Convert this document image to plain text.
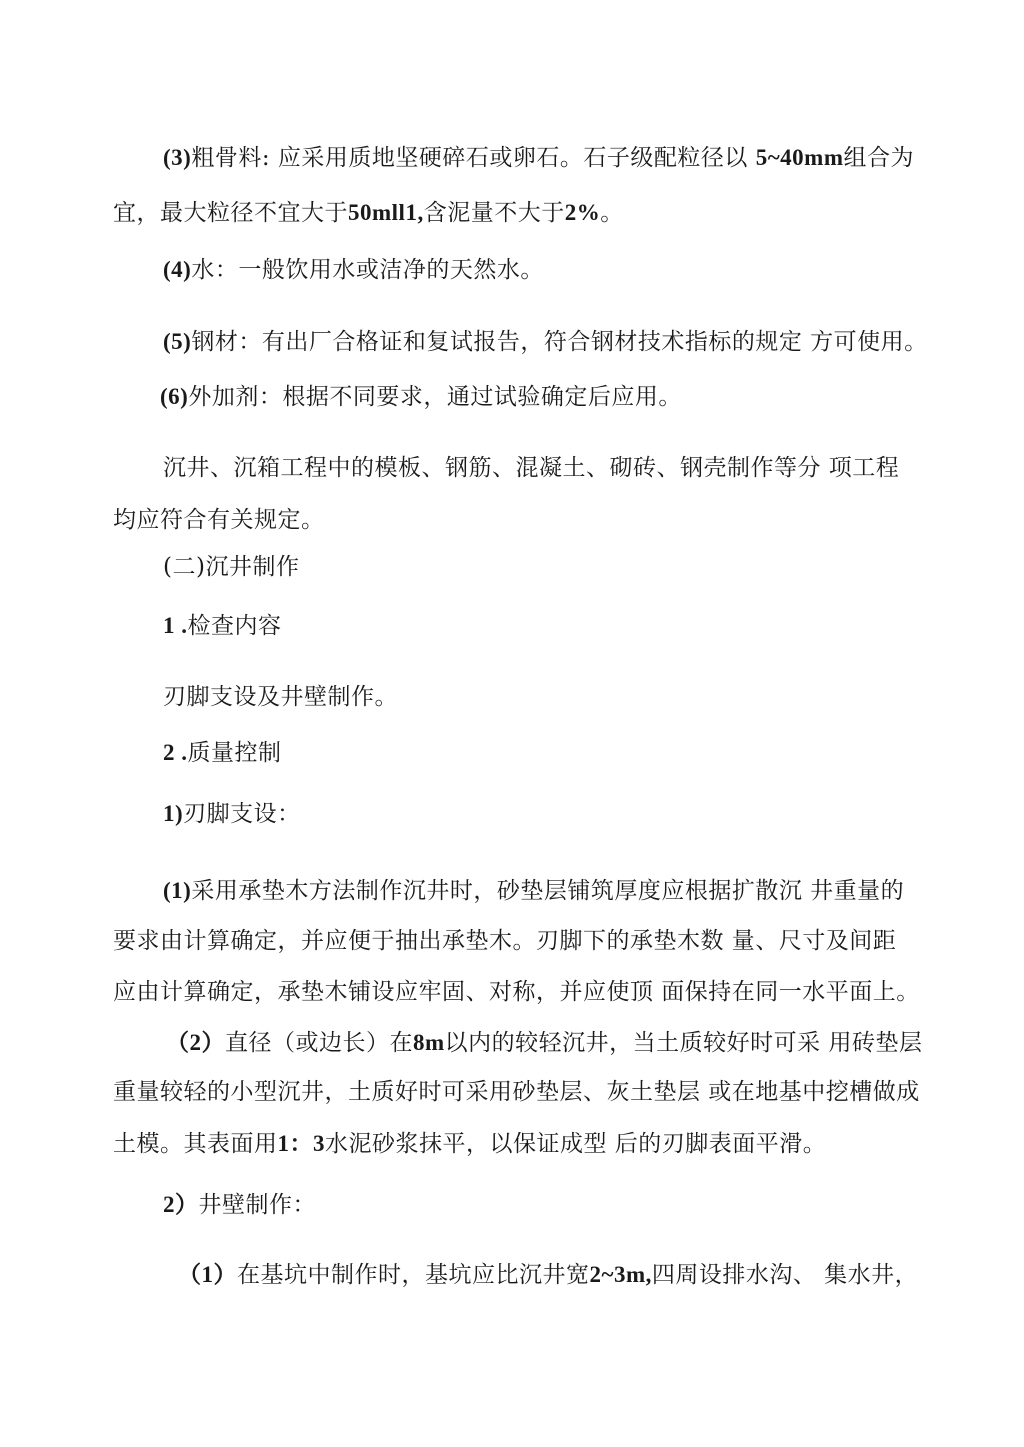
(3)粗骨料: 应采用质地坚硬碎石或卵石。石子级配粒径以 5~40mm组合为
宜，最大粒径不宜大于50mll1,含泥量不大于2%。
(4)水：一般饮用水或洁净的天然水。
(5)钢材：有出厂合格证和复试报告，符合钢材技术指标的规定 方可使用。
(6)外加剂：根据不同要求，通过试验确定后应用。
沉井、沉箱工程中的模板、钢筋、混凝土、砌砖、钢壳制作等分 项工程
均应符合有关规定。
(二)沉井制作
1 .检查内容
刃脚支设及井壁制作。
2 .质量控制
1)刃脚支设：
(1)采用承垫木方法制作沉井时，砂垫层铺筑厚度应根据扩散沉 井重量的
要求由计算确定，并应便于抽出承垫木。刃脚下的承垫木数 量、尺寸及间距
应由计算确定，承垫木铺设应牢固、对称，并应使顶 面保持在同一水平面上。
（2）直径（或边长）在8m以内的较轻沉井，当土质较好时可采 用砖垫层
重量较轻的小型沉井，土质好时可采用砂垫层、灰土垫层 或在地基中挖槽做成
土模。其表面用1：3水泥砂浆抹平，以保证成型 后的刃脚表面平滑。
2）井壁制作：
（1）在基坑中制作时，基坑应比沉井宽2~3m,四周设排水沟、 集水井，
